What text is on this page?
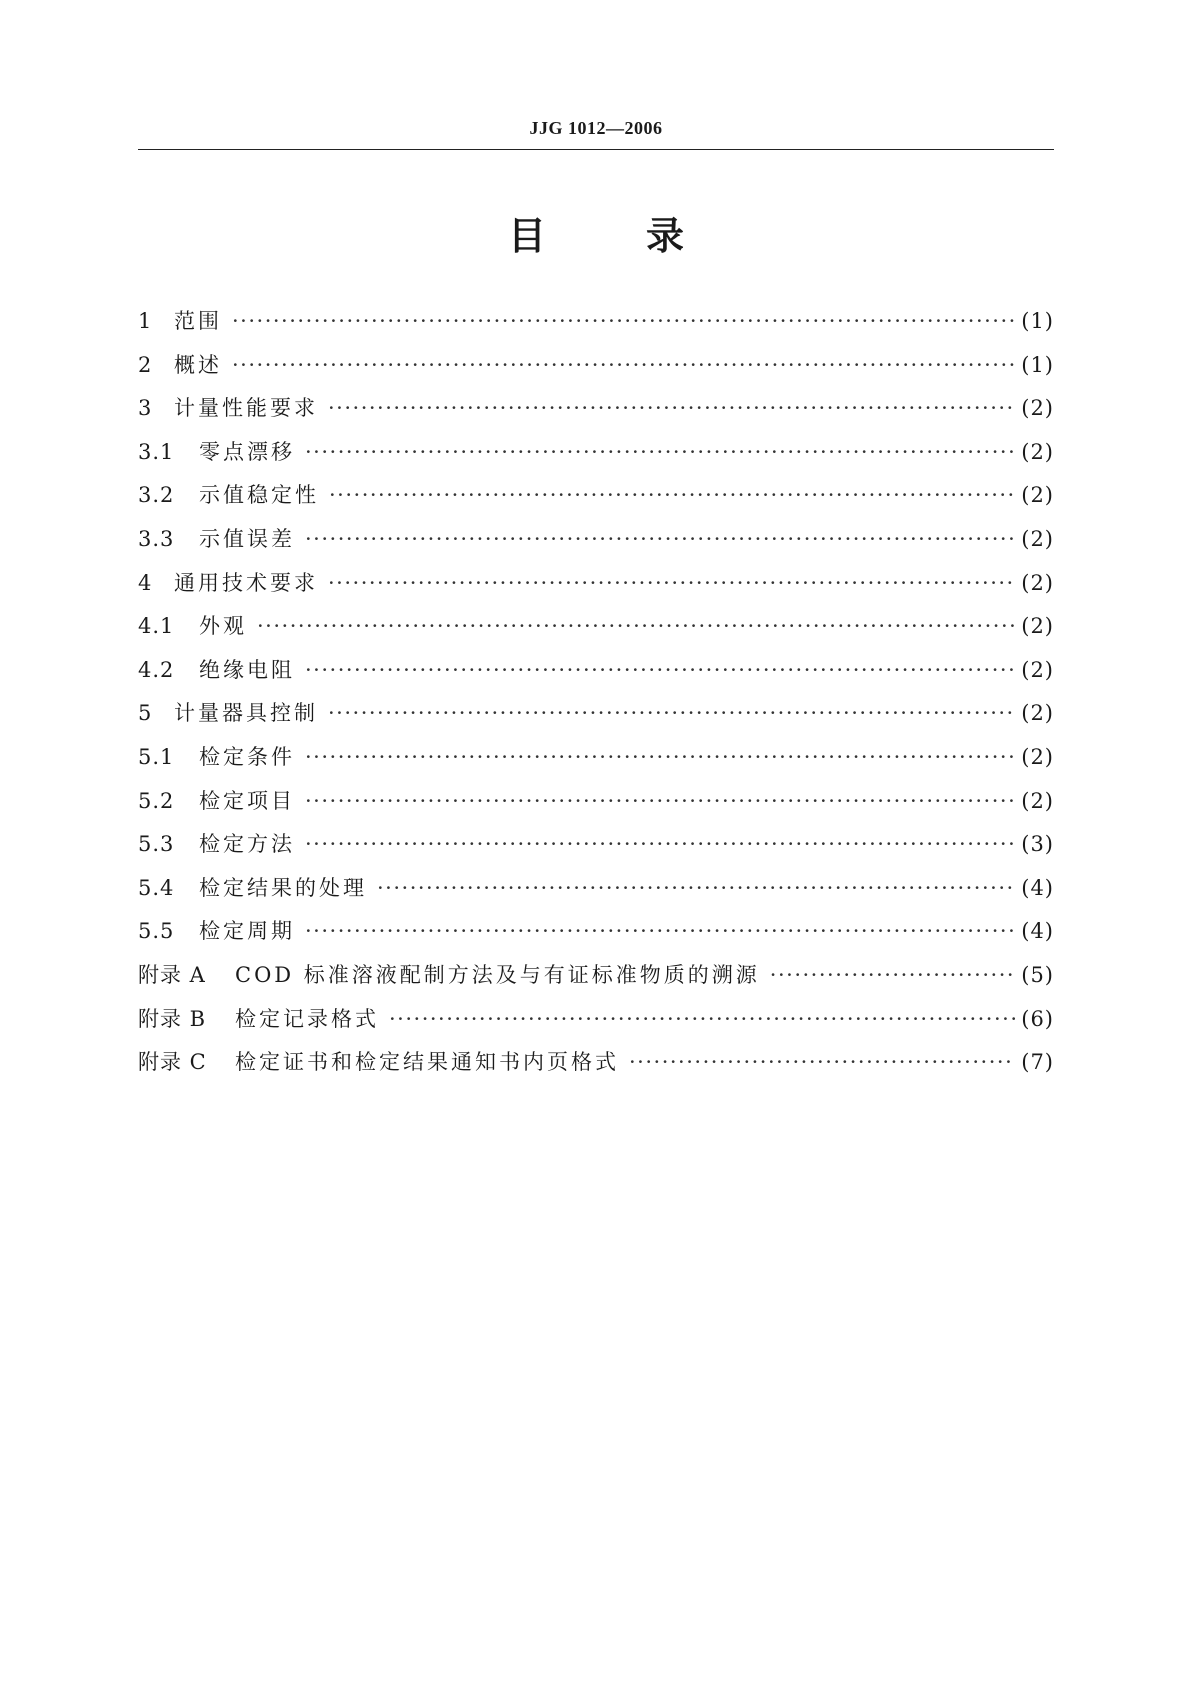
JJG 1012—2006
目	录
1	范围 ·····	(1)
2	概述 ·····	(1)
3	计量性能要求 ·····	(2)
3.1	零点漂移 ·····	(2)
3.2	示值稳定性 ·····	(2)
3.3	示值误差 ·····	(2)
4	通用技术要求 ·····	(2)
4.1	外观 ·····	(2)
4.2	绝缘电阻 ·····	(2)
5	计量器具控制 ·····	(2)
5.1	检定条件 ·····	(2)
5.2	检定项目 ·····	(2)
5.3	检定方法 ·····	(3)
5.4	检定结果的处理 ·····	(4)
5.5	检定周期 ·····	(4)
附录 A	COD 标准溶液配制方法及与有证标准物质的溯源 ·····	(5)
附录 B	检定记录格式 ·····	(6)
附录 C	检定证书和检定结果通知书内页格式 ·····	(7)
